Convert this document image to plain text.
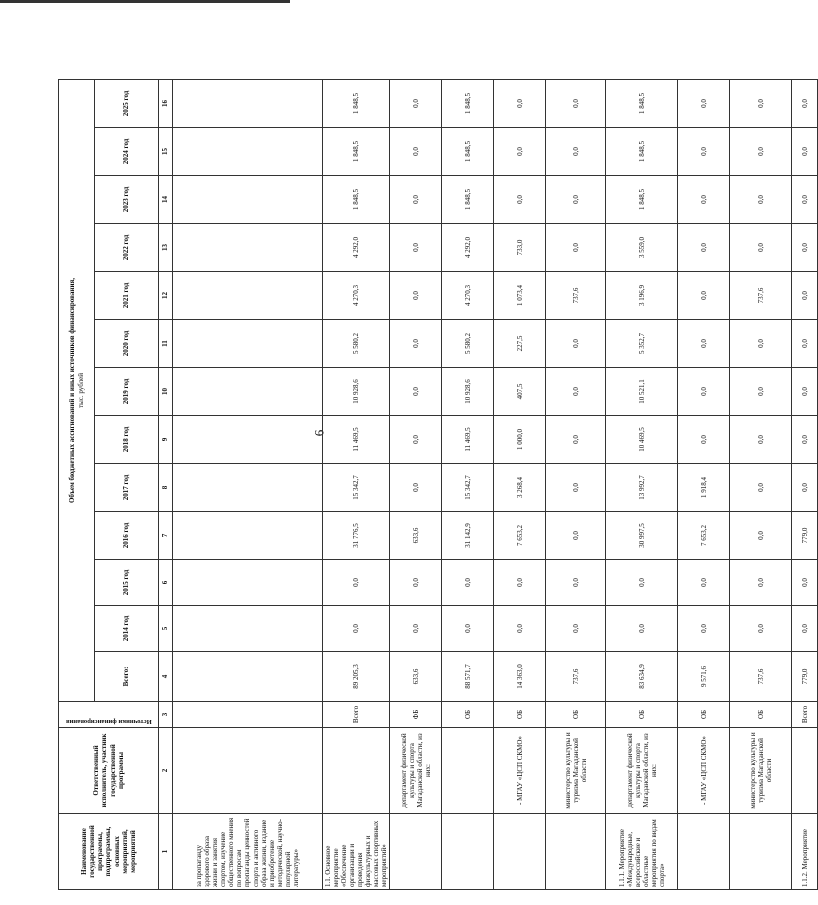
6
Наименование государственной программы, подпрограммы, основных мероприятий, мероприятий	Ответственный исполнитель, участник государственной программы	Источники финансирования	Объем бюджетных ассигнований и иных источников финансирования, тыс. рублей												

			Всего:	2014 год	2015 год	2016 год	2017 год	2018 год	2019 год	2020 год	2021 год	2022 год	2023 год	2024 год	2025 год
1	2	3	4	5	6	7	8	9	10	11	12	13	14	15	16
за пропаганду здорового образа жизни и занятия спортом, изучение общественного мнения по вопросам пропаганды ценностей спорта и активного образа жизни, издание и приобретение методической, научно-популярной литературы»															
1.1. Основное мероприятие «Обеспечение организации и проведения физкультурных и массовых спортивных мероприятий»		Всего	89 205,3	0,0	0,0	31 776,5	15 342,7	11 469,5	10 928,6	5 580,2	4 270,3	4 292,0	1 848,5	1 848,5	1 848,5
	департамент физической культуры и спорта Магаданской области, из них:	ФБ	633,6	0,0	0,0	633,6	0,0	0,0	0,0	0,0	0,0	0,0	0,0	0,0	0,0
		ОБ	88 571,7	0,0	0,0	31 142,9	15 342,7	11 469,5	10 928,6	5 580,2	4 270,3	4 292,0	1 848,5	1 848,5	1 848,5
	- МГАУ «ЦСП СКМО»	ОБ	14 363,0	0,0	0,0	7 653,2	3 268,4	1 000,0	407,5	227,5	1 073,4	733,0	0,0	0,0	0,0
	министерство культуры и туризма Магаданской области	ОБ	737,6	0,0	0,0	0,0	0,0	0,0	0,0	0,0	737,6	0,0	0,0	0,0	0,0
1.1.1. Мероприятие «Международные, всероссийские и областные мероприятия по видам спорта»	департамент физической культуры и спорта Магаданской области, из них:	ОБ	83 634,9	0,0	0,0	30 997,5	13 992,7	10 469,5	10 521,1	5 352,7	3 196,9	3 559,0	1 848,5	1 848,5	1 848,5
	- МГАУ «ЦСП СКМО»	ОБ	9 571,6	0,0	0,0	7 653,2	1 918,4	0,0	0,0	0,0	0,0	0,0	0,0	0,0	0,0
	министерство культуры и туризма Магаданской области	ОБ	737,6	0,0	0,0	0,0	0,0	0,0	0,0	0,0	737,6	0,0	0,0	0,0	0,0
1.1.2. Мероприятие		Всего	779,0	0,0	0,0	779,0	0,0	0,0	0,0	0,0	0,0	0,0	0,0	0,0	0,0
